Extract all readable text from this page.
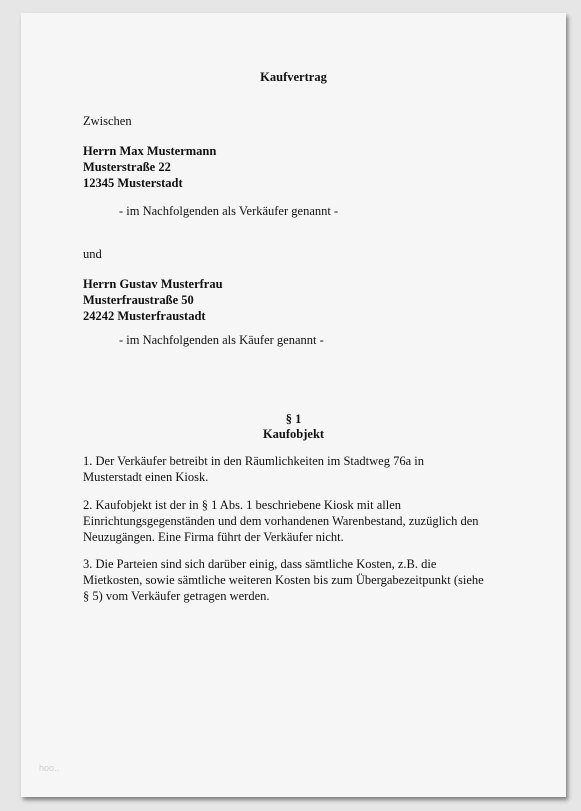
Kaufvertrag
Zwischen
Herrn Max Mustermann
Musterstraße 22
12345 Musterstadt
- im Nachfolgenden als Verkäufer genannt -
und
Herrn Gustav Musterfrau
Musterfraustraße 50
24242 Musterfraustadt
- im Nachfolgenden als Käufer genannt -
§ 1
Kaufobjekt
1. Der Verkäufer betreibt in den Räumlichkeiten im Stadtweg 76a in
Musterstadt einen Kiosk.
2. Kaufobjekt ist der in § 1 Abs. 1 beschriebene Kiosk mit allen
Einrichtungsgegenständen und dem vorhandenen Warenbestand, zuzüglich den
Neuzugängen. Eine Firma führt der Verkäufer nicht.
3. Die Parteien sind sich darüber einig, dass sämtliche Kosten, z.B. die
Mietkosten, sowie sämtliche weiteren Kosten bis zum Übergabezeitpunkt (siehe
§ 5) vom Verkäufer getragen werden.
hoo..
